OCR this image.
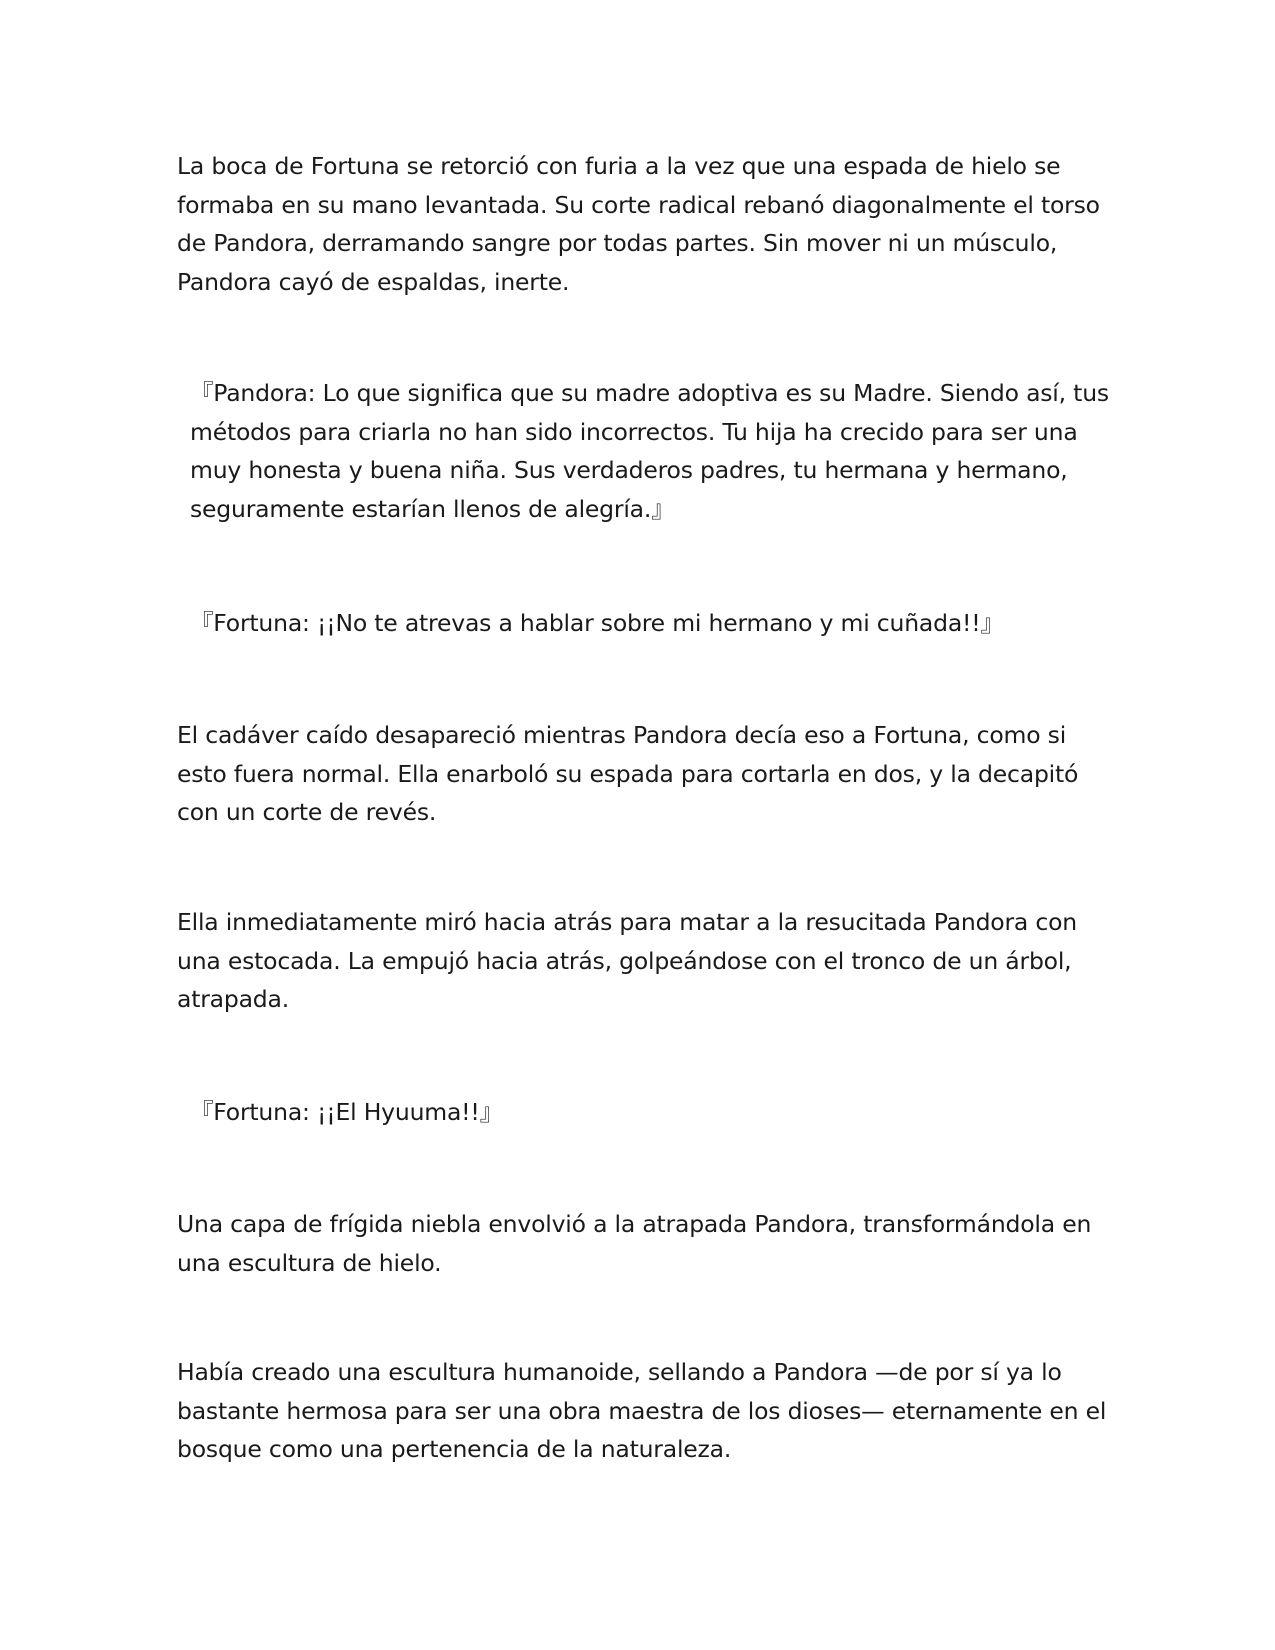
La boca de Fortuna se retorció con furia a la vez que una espada de hielo se formaba en su mano levantada. Su corte radical rebanó diagonalmente el torso de Pandora, derramando sangre por todas partes. Sin mover ni un músculo, Pandora cayó de espaldas, inerte.

『Pandora: Lo que significa que su madre adoptiva es su Madre. Siendo así, tus métodos para criarla no han sido incorrectos. Tu hija ha crecido para ser una muy honesta y buena niña. Sus verdaderos padres, tu hermana y hermano, seguramente estarían llenos de alegría.』

『Fortuna: ¡¡No te atrevas a hablar sobre mi hermano y mi cuñada!!』

El cadáver caído desapareció mientras Pandora decía eso a Fortuna, como si esto fuera normal. Ella enarboló su espada para cortarla en dos, y la decapitó con un corte de revés.

Ella inmediatamente miró hacia atrás para matar a la resucitada Pandora con una estocada. La empujó hacia atrás, golpeándose con el tronco de un árbol, atrapada.

『Fortuna: ¡¡El Hyuuma!!』

Una capa de frígida niebla envolvió a la atrapada Pandora, transformándola en una escultura de hielo.

Había creado una escultura humanoide, sellando a Pandora —de por sí ya lo bastante hermosa para ser una obra maestra de los dioses— eternamente en el bosque como una pertenencia de la naturaleza.
